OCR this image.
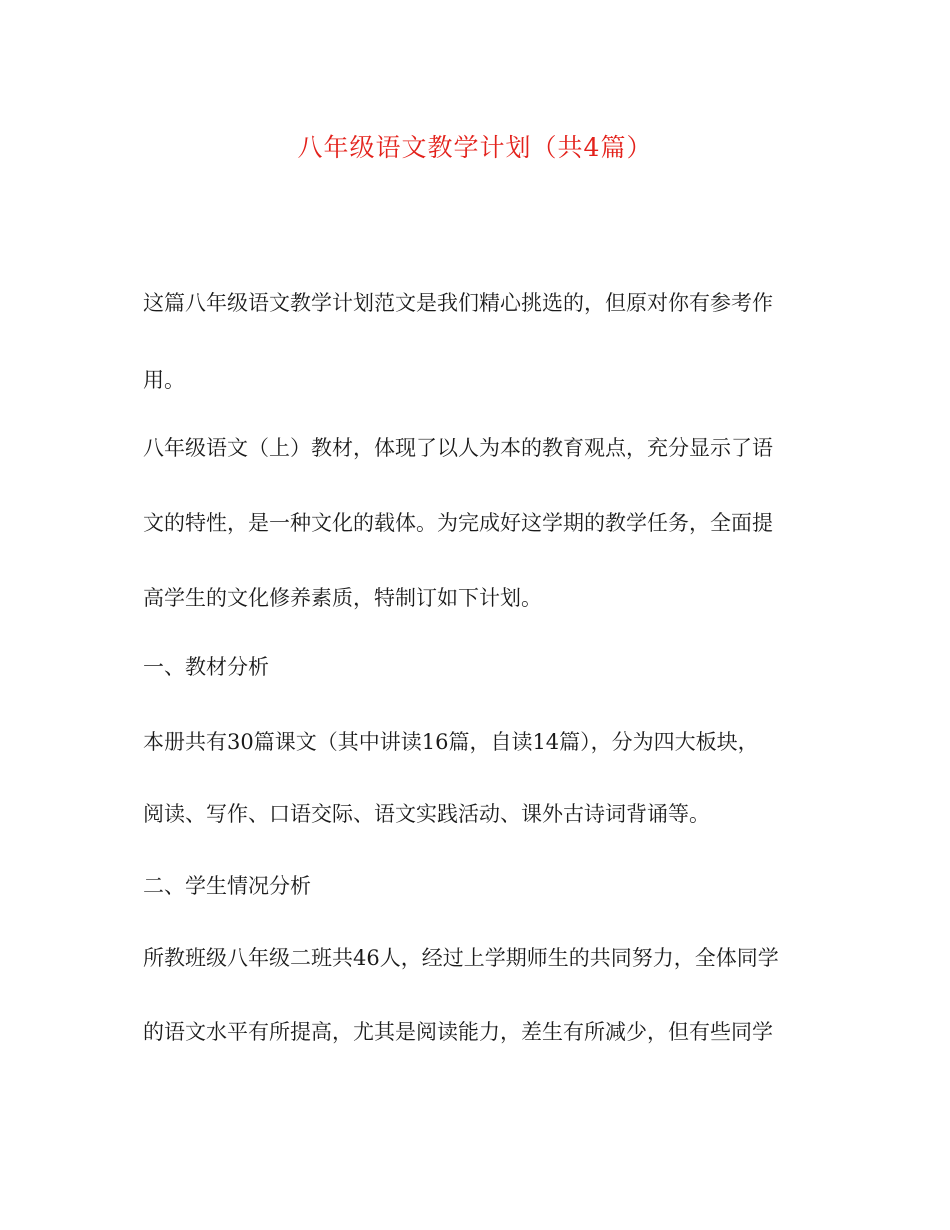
八年级语文教学计划（共4篇）
这篇八年级语文教学计划范文是我们精心挑选的，但原对你有参考作
用。
八年级语文（上）教材，体现了以人为本的教育观点，充分显示了语
文的特性，是一种文化的载体。为完成好这学期的教学任务，全面提
高学生的文化修养素质，特制订如下计划。
一、教材分析
本册共有30篇课文（其中讲读16篇，自读14篇），分为四大板块，
阅读、写作、口语交际、语文实践活动、课外古诗词背诵等。
二、学生情况分析
所教班级八年级二班共46人，经过上学期师生的共同努力，全体同学
的语文水平有所提高，尤其是阅读能力，差生有所减少，但有些同学
